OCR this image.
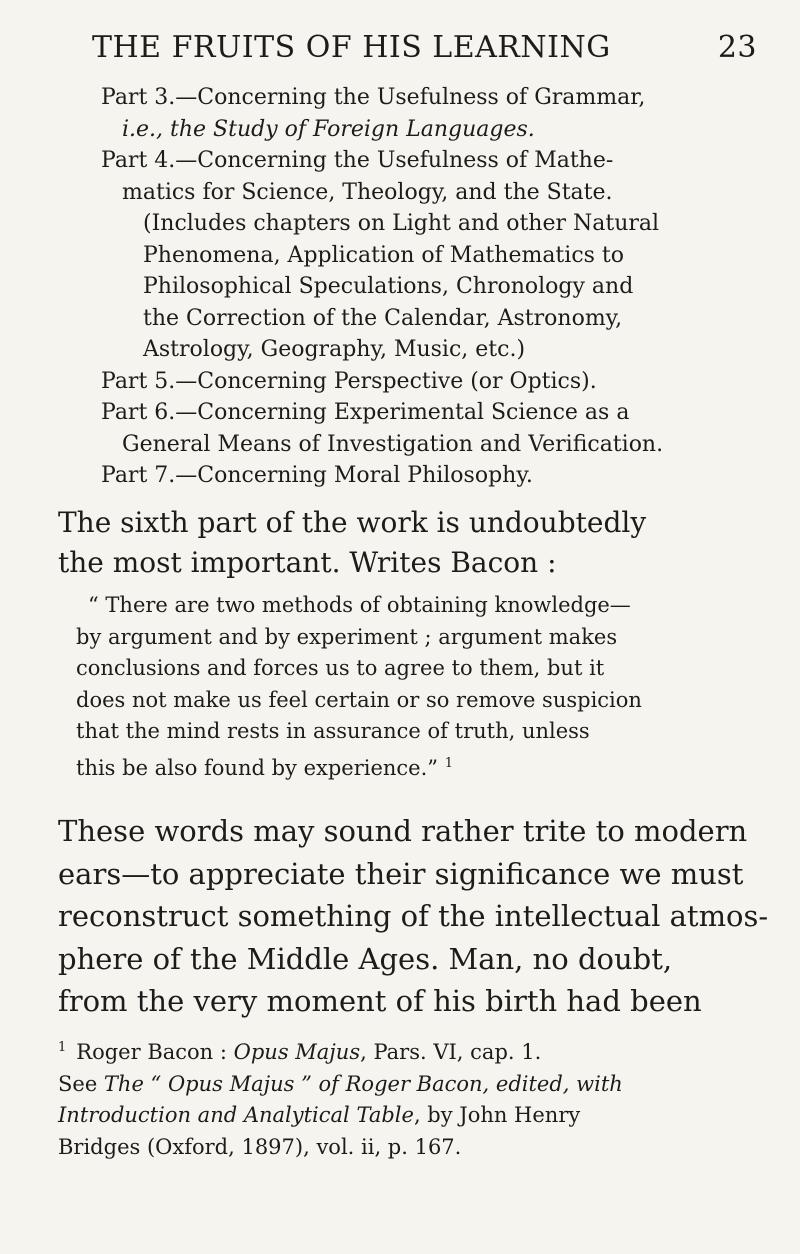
THE FRUITS OF HIS LEARNING	23
Part 3.—Concerning the Usefulness of Grammar,
i.e., the Study of Foreign Languages.
Part 4.—Concerning the Usefulness of Mathe-
matics for Science, Theology, and the State.
(Includes chapters on Light and other Natural
Phenomena, Application of Mathematics to
Philosophical Speculations, Chronology and
the Correction of the Calendar, Astronomy,
Astrology, Geography, Music, etc.)
Part 5.—Concerning Perspective (or Optics).
Part 6.—Concerning Experimental Science as a
General Means of Investigation and Verification.
Part 7.—Concerning Moral Philosophy.
The sixth part of the work is undoubtedly
the most important. Writes Bacon :
“ There are two methods of obtaining knowledge—
by argument and by experiment ; argument makes
conclusions and forces us to agree to them, but it
does not make us feel certain or so remove suspicion
that the mind rests in assurance of truth, unless
this be also found by experience.” $^1$
These words may sound rather trite to modern
ears—to appreciate their significance we must
reconstruct something of the intellectual atmos-
phere of the Middle Ages. Man, no doubt,
from the very moment of his birth had been
$^1$ Roger Bacon : Opus Majus, Pars. VI, cap. 1.
See The “ Opus Majus ” of Roger Bacon, edited, with
Introduction and Analytical Table, by John Henry
Bridges (Oxford, 1897), vol. ii, p. 167.
